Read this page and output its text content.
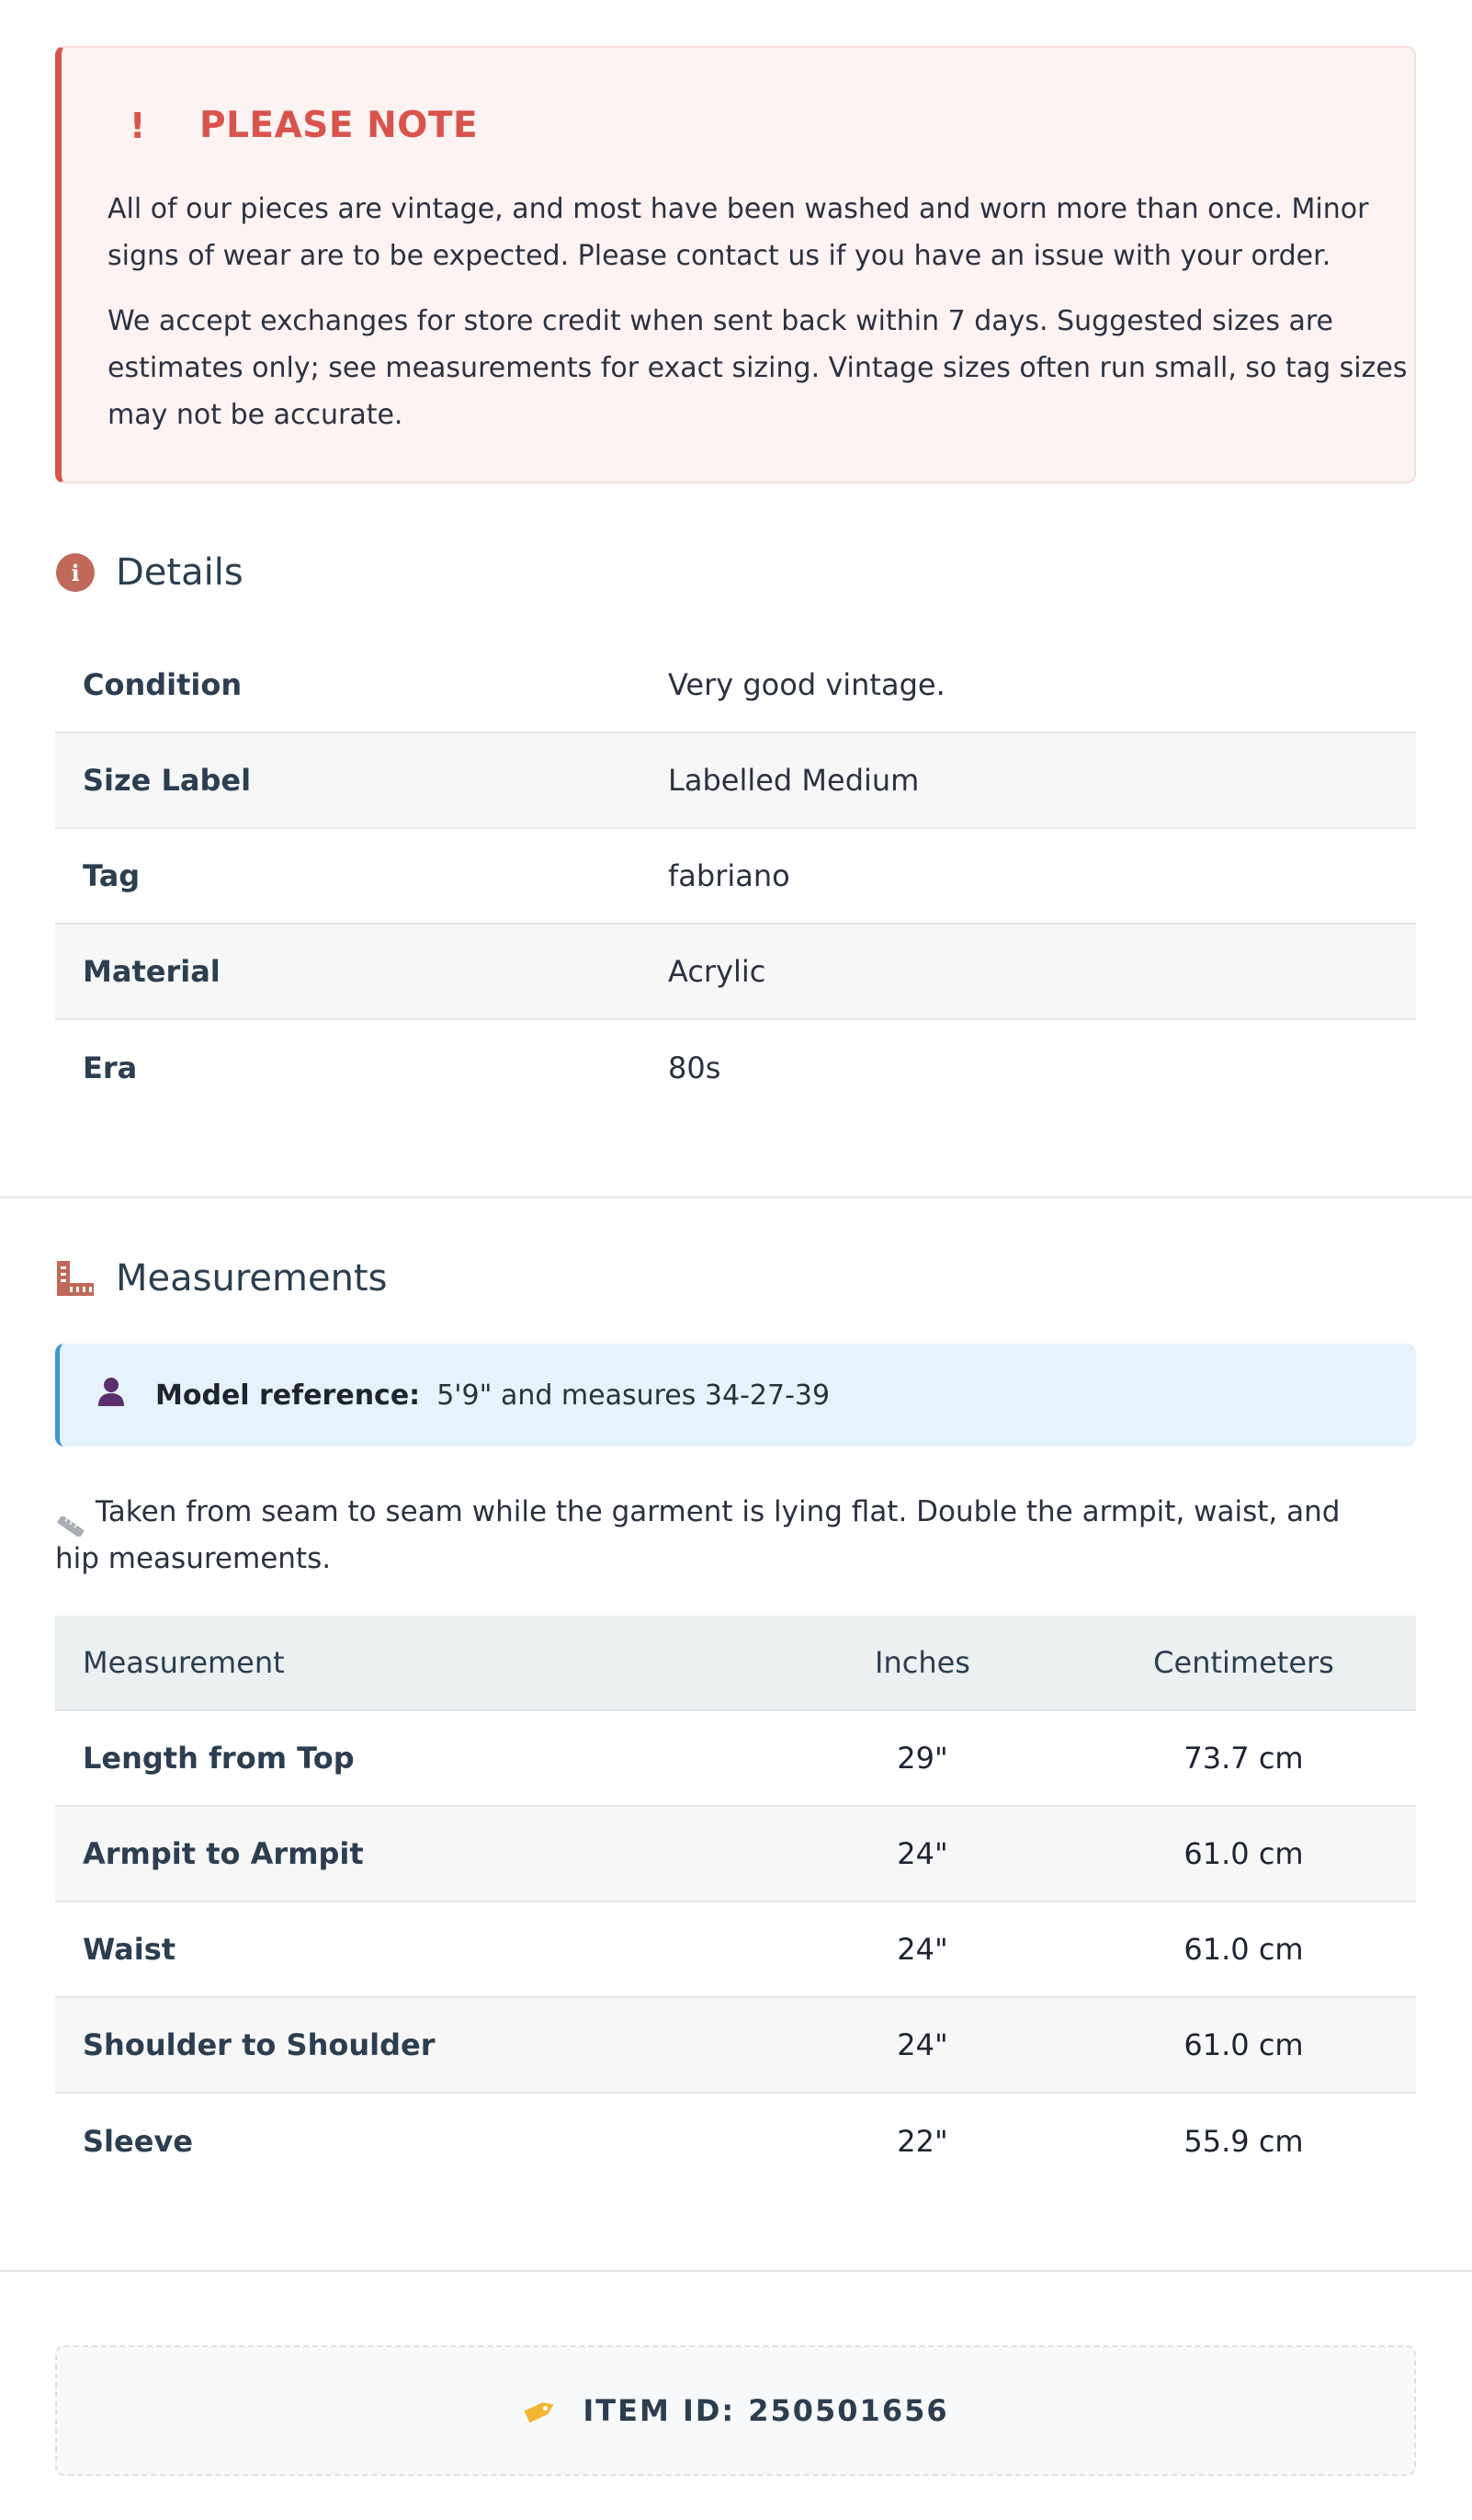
!	PLEASE NOTE

All of our pieces are vintage, and most have been washed and worn more than once. Minor signs of wear are to be expected. Please contact us if you have an issue with your order.

We accept exchanges for store credit when sent back within 7 days. Suggested sizes are estimates only; see measurements for exact sizing. Vintage sizes often run small, so tag sizes may not be accurate.

i Details
Condition	Very good vintage.
Size Label	Labelled Medium
Tag	fabriano
Material	Acrylic
Era	80s
Measurements
Model reference: 5'9" and measures 34-27-39
Taken from seam to seam while the garment is lying flat. Double the armpit, waist, and hip measurements.
Measurement	Inches	Centimeters
Length from Top	29"	73.7 cm
Armpit to Armpit	24"	61.0 cm
Waist	24"	61.0 cm
Shoulder to Shoulder	24"	61.0 cm
Sleeve	22"	55.9 cm
ITEM ID: 250501656
